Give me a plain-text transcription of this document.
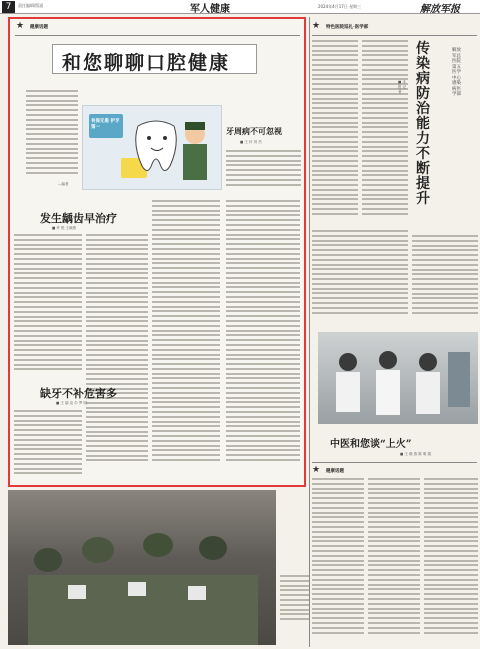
7	责任编辑/版面	军人健康	2024年4月17日 星期三	解放军报
★	健康话题
和您聊聊口腔健康
—编者
有保无患 护牙第一	牙周病不可忽视
■ 王 轩 刘 杰
发生龋齿早治疗
■ 许 悦 王晓燕
缺牙不补危害多
■ 王 丽 克 尔 罗 明
★	特色医院巡礼·医学部
传染病防治能力不断提升
解放军总医院第五医学中心感染病医学部
■ 本报 记者
中医和您谈“上火”
■ 王 晓 燕 陈 明 娟
★	健康话题
